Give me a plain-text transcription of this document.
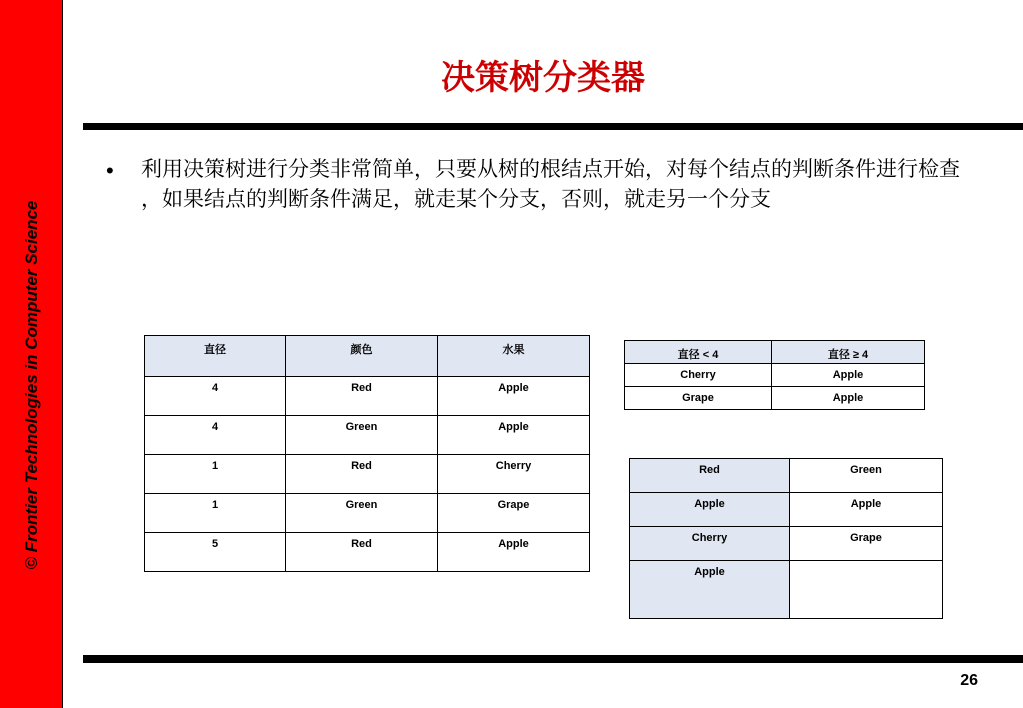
© Frontier Technologies in Computer Science
决策树分类器
• 利用决策树进行分类非常简单，只要从树的根结点开始，对每个结点的判断条件进行检查 ，如果结点的判断条件满足，就走某个分支，否则，就走另一个分支
直径	颜色	水果
4	Red	Apple
4	Green	Apple
1	Red	Cherry
1	Green	Grape
5	Red	Apple
直径 < 4	直径 ≥ 4
Cherry	Apple
Grape	Apple
Red	Green
Apple	Apple
Cherry	Grape
Apple	
26
